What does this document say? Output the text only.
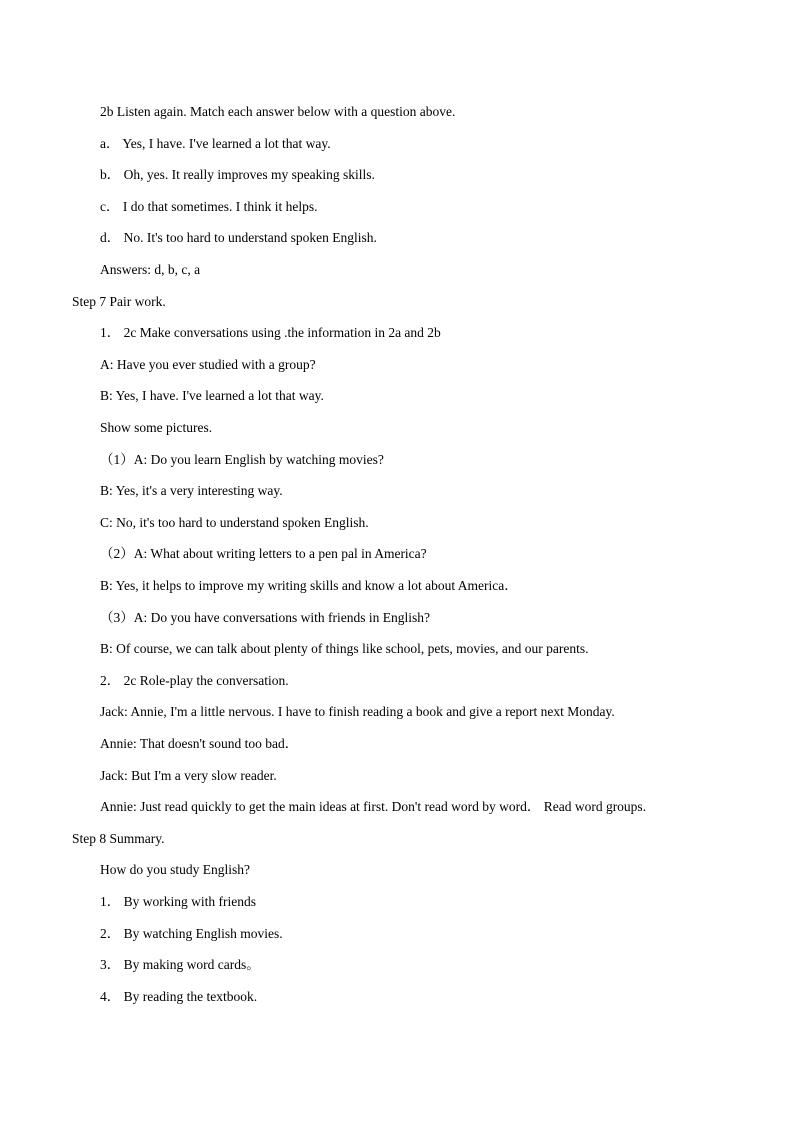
2b Listen again. Match each answer below with a question above.
a． Yes, I have. I've learned a lot that way.
b． Oh, yes. It really improves my speaking skills.
c． I do that sometimes. I think it helps.
d． No. It's too hard to understand spoken English.
Answers: d, b, c, a
Step 7 Pair work.
1． 2c Make conversations using .the information in 2a and 2b
A: Have you ever studied with a group?
B: Yes, I have. I've learned a lot that way.
Show some pictures.
（1）A: Do you learn English by watching movies?
B: Yes, it's a very interesting way.
C: No, it's too hard to understand spoken English.
（2）A: What about writing letters to a pen pal in America?
B: Yes, it helps to improve my writing skills and know a lot about America．
（3）A: Do you have conversations with friends in English?
B: Of course, we can talk about plenty of things like school, pets, movies, and our parents.
2． 2c Role-play the conversation.
Jack: Annie, I'm a little nervous. I have to finish reading a book and give a report next Monday.
Annie: That doesn't sound too bad．
Jack: But I'm a very slow reader.
Annie: Just read quickly to get the main ideas at first. Don't read word by word． Read word groups.
Step 8 Summary.
How do you study English?
1． By working with friends
2． By watching English movies.
3． By making word cards。
4． By reading the textbook.
